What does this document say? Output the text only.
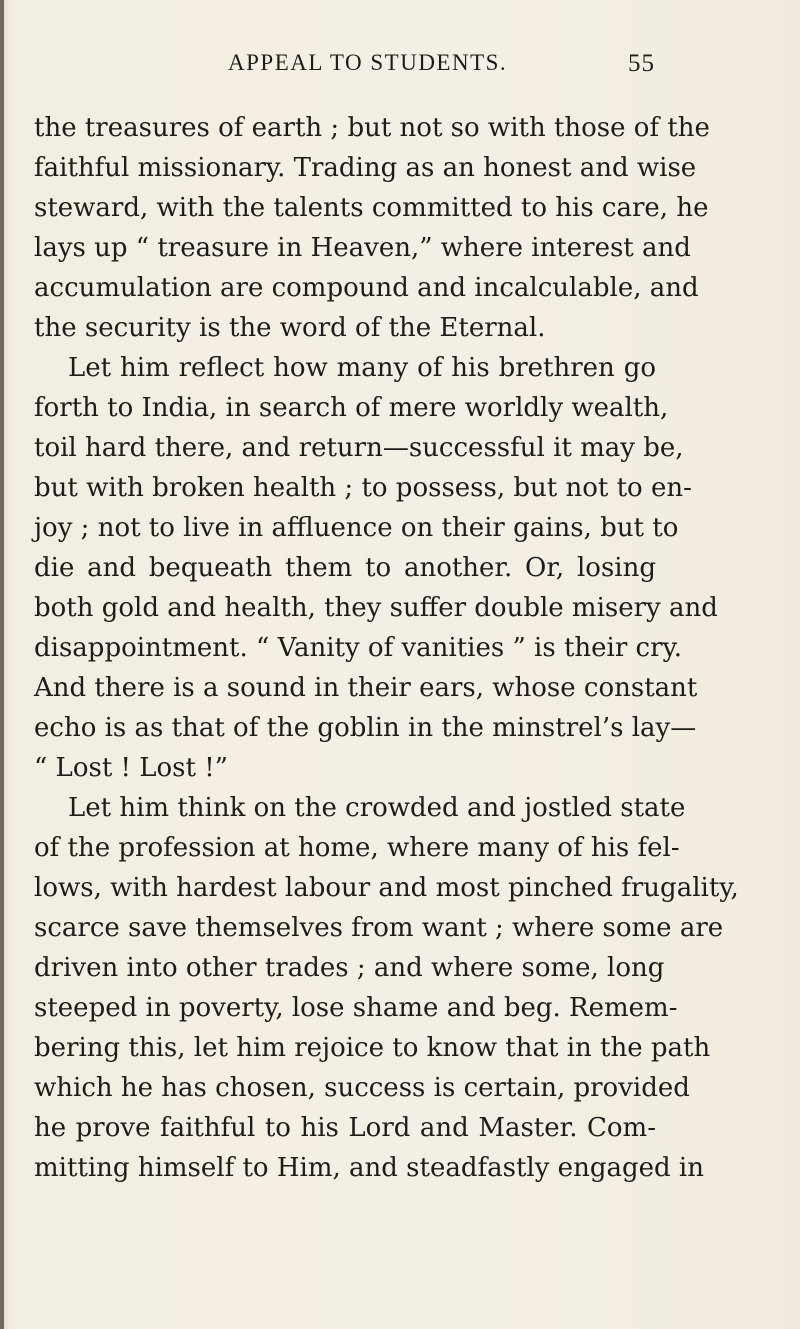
APPEAL TO STUDENTS.	55
the treasures of earth ; but not so with those of the
faithful missionary. Trading as an honest and wise
steward, with the talents committed to his care, he
lays up “ treasure in Heaven,” where interest and
accumulation are compound and incalculable, and
the security is the word of the Eternal.
Let him reflect how many of his brethren go
forth to India, in search of mere worldly wealth,
toil hard there, and return—successful it may be,
but with broken health ; to possess, but not to en-
joy ; not to live in affluence on their gains, but to
die and bequeath them to another. Or, losing
both gold and health, they suffer double misery and
disappointment. “ Vanity of vanities ” is their cry.
And there is a sound in their ears, whose constant
echo is as that of the goblin in the minstrel’s lay—
“ Lost ! Lost !”
Let him think on the crowded and jostled state
of the profession at home, where many of his fel-
lows, with hardest labour and most pinched frugality,
scarce save themselves from want ; where some are
driven into other trades ; and where some, long
steeped in poverty, lose shame and beg. Remem-
bering this, let him rejoice to know that in the path
which he has chosen, success is certain, provided
he prove faithful to his Lord and Master. Com-
mitting himself to Him, and steadfastly engaged in
